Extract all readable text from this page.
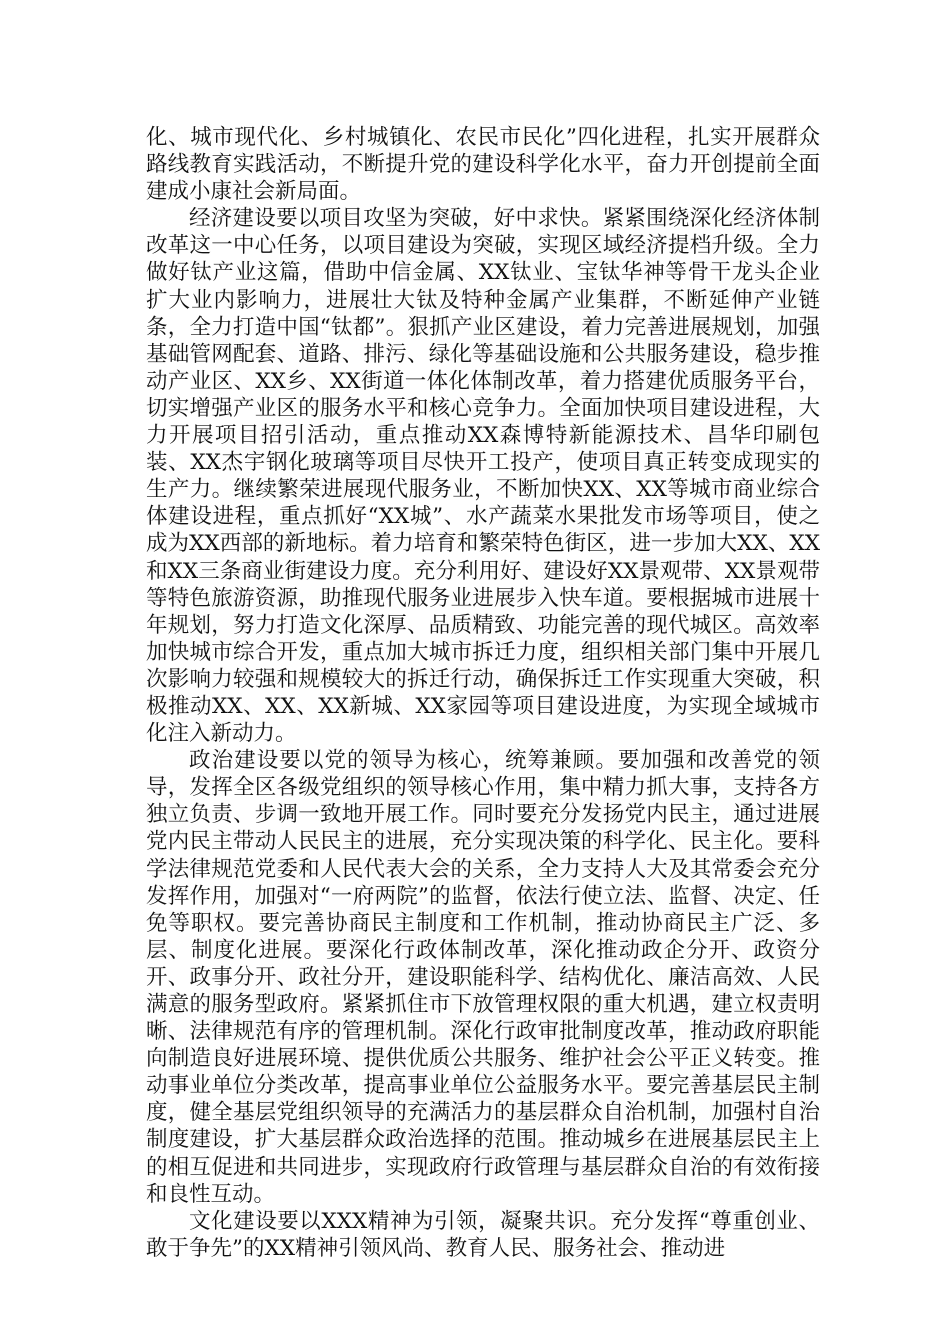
化、城市现代化、乡村城镇化、农民市民化”四化进程，扎实开展群众路线教育实践活动，不断提升党的建设科学化水平，奋力开创提前全面建成小康社会新局面。

经济建设要以项目攻坚为突破，好中求快。紧紧围绕深化经济体制改革这一中心任务，以项目建设为突破，实现区域经济提档升级。全力做好钛产业这篇，借助中信金属、XX钛业、宝钛华神等骨干龙头企业扩大业内影响力，进展壮大钛及特种金属产业集群，不断延伸产业链条，全力打造中国“钛都”。狠抓产业区建设，着力完善进展规划，加强基础管网配套、道路、排污、绿化等基础设施和公共服务建设，稳步推动产业区、XX乡、XX街道一体化体制改革，着力搭建优质服务平台，切实增强产业区的服务水平和核心竞争力。全面加快项目建设进程，大力开展项目招引活动，重点推动XX森博特新能源技术、昌华印刷包装、XX杰宇钢化玻璃等项目尽快开工投产，使项目真正转变成现实的生产力。继续繁荣进展现代服务业，不断加快XX、XX等城市商业综合体建设进程，重点抓好“XX城”、水产蔬菜水果批发市场等项目，使之成为XX西部的新地标。着力培育和繁荣特色街区，进一步加大XX、XX和XX三条商业街建设力度。充分利用好、建设好XX景观带、XX景观带等特色旅游资源，助推现代服务业进展步入快车道。要根据城市进展十年规划，努力打造文化深厚、品质精致、功能完善的现代城区。高效率加快城市综合开发，重点加大城市拆迁力度，组织相关部门集中开展几次影响力较强和规模较大的拆迁行动，确保拆迁工作实现重大突破，积极推动XX、XX、XX新城、XX家园等项目建设进度，为实现全域城市化注入新动力。

政治建设要以党的领导为核心，统筹兼顾。要加强和改善党的领导，发挥全区各级党组织的领导核心作用，集中精力抓大事，支持各方独立负责、步调一致地开展工作。同时要充分发扬党内民主，通过进展党内民主带动人民民主的进展，充分实现决策的科学化、民主化。要科学法律规范党委和人民代表大会的关系，全力支持人大及其常委会充分发挥作用，加强对“一府两院”的监督，依法行使立法、监督、决定、任免等职权。要完善协商民主制度和工作机制，推动协商民主广泛、多层、制度化进展。要深化行政体制改革，深化推动政企分开、政资分开、政事分开、政社分开，建设职能科学、结构优化、廉洁高效、人民满意的服务型政府。紧紧抓住市下放管理权限的重大机遇，建立权责明晰、法律规范有序的管理机制。深化行政审批制度改革，推动政府职能向制造良好进展环境、提供优质公共服务、维护社会公平正义转变。推动事业单位分类改革，提高事业单位公益服务水平。要完善基层民主制度，健全基层党组织领导的充满活力的基层群众自治机制，加强村自治制度建设，扩大基层群众政治选择的范围。推动城乡在进展基层民主上的相互促进和共同进步，实现政府行政管理与基层群众自治的有效衔接和良性互动。

文化建设要以XXX精神为引领，凝聚共识。充分发挥“尊重创业、敢于争先”的XX精神引领风尚、教育人民、服务社会、推动进
